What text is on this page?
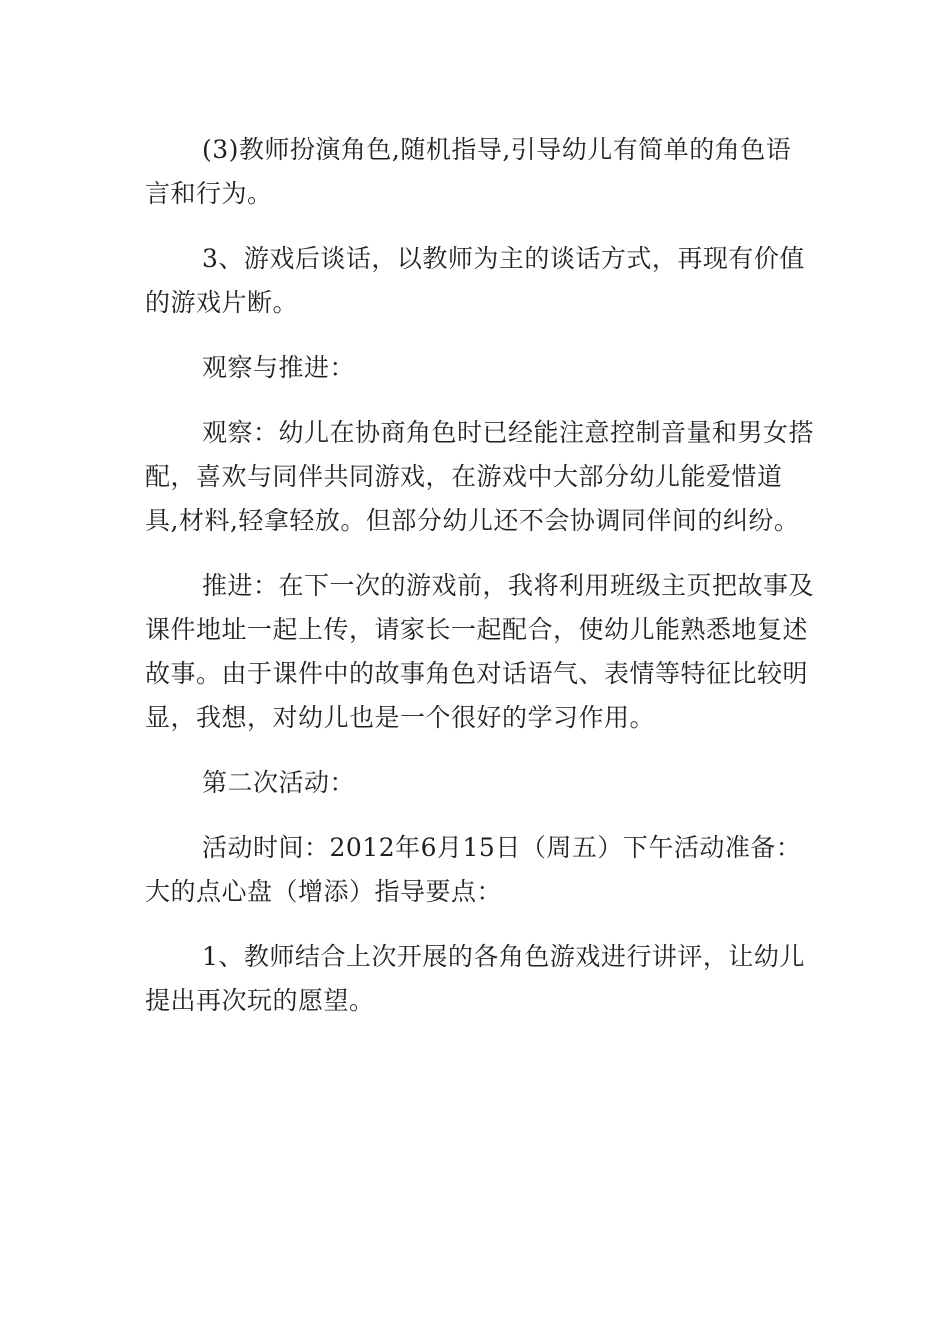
(3)教师扮演角色,随机指导,引导幼儿有简单的角色语言和行为。

3、游戏后谈话，以教师为主的谈话方式，再现有价值的游戏片断。

观察与推进：

观察：幼儿在协商角色时已经能注意控制音量和男女搭配，喜欢与同伴共同游戏，在游戏中大部分幼儿能爱惜道具,材料,轻拿轻放。但部分幼儿还不会协调同伴间的纠纷。

推进：在下一次的游戏前，我将利用班级主页把故事及课件地址一起上传，请家长一起配合，使幼儿能熟悉地复述故事。由于课件中的故事角色对话语气、表情等特征比较明显，我想，对幼儿也是一个很好的学习作用。

第二次活动：

活动时间：2012年6月15日（周五）下午活动准备：大的点心盘（增添）指导要点：

1、教师结合上次开展的各角色游戏进行讲评，让幼儿提出再次玩的愿望。
